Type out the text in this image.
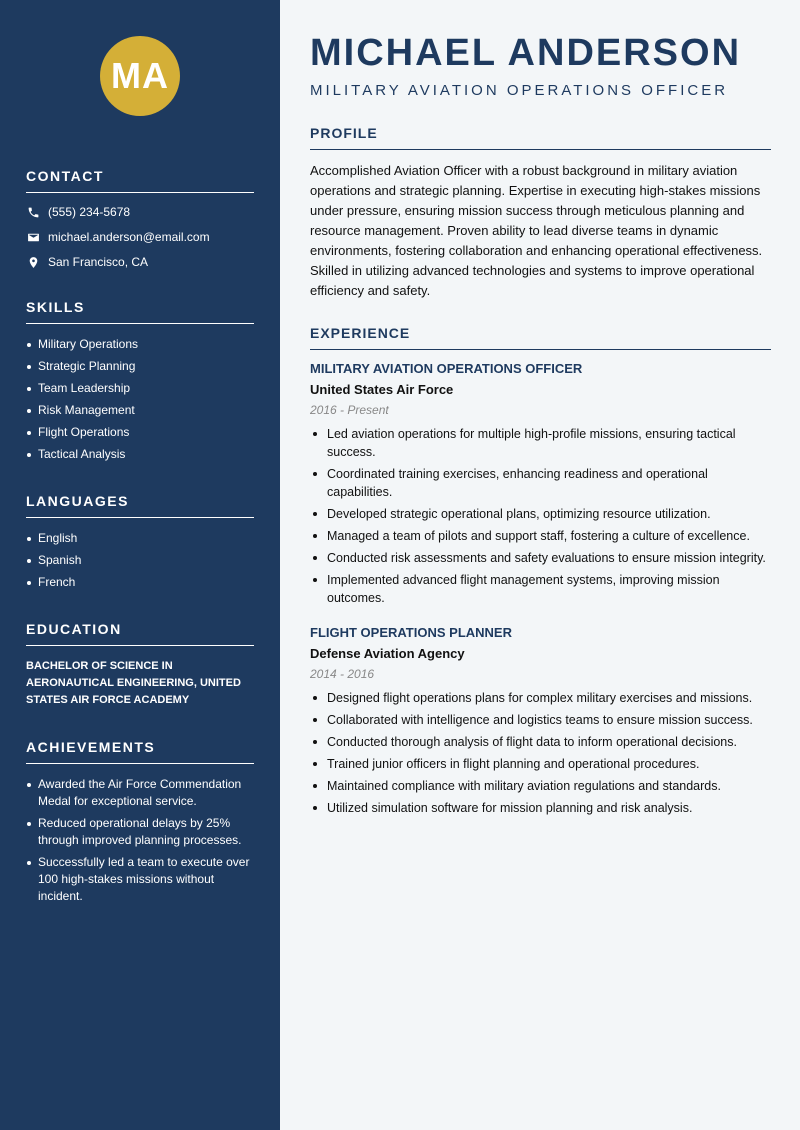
MA
CONTACT
(555) 234-5678
michael.anderson@email.com
San Francisco, CA
SKILLS
Military Operations
Strategic Planning
Team Leadership
Risk Management
Flight Operations
Tactical Analysis
LANGUAGES
English
Spanish
French
EDUCATION
BACHELOR OF SCIENCE IN AERONAUTICAL ENGINEERING, UNITED STATES AIR FORCE ACADEMY
ACHIEVEMENTS
Awarded the Air Force Commendation Medal for exceptional service.
Reduced operational delays by 25% through improved planning processes.
Successfully led a team to execute over 100 high-stakes missions without incident.
MICHAEL ANDERSON
MILITARY AVIATION OPERATIONS OFFICER
PROFILE

Accomplished Aviation Officer with a robust background in military aviation operations and strategic planning. Expertise in executing high-stakes missions under pressure, ensuring mission success through meticulous planning and resource management. Proven ability to lead diverse teams in dynamic environments, fostering collaboration and enhancing operational effectiveness. Skilled in utilizing advanced technologies and systems to improve operational efficiency and safety.

EXPERIENCE
MILITARY AVIATION OPERATIONS OFFICER
United States Air Force
2016 - Present
Led aviation operations for multiple high-profile missions, ensuring tactical success.
Coordinated training exercises, enhancing readiness and operational capabilities.
Developed strategic operational plans, optimizing resource utilization.
Managed a team of pilots and support staff, fostering a culture of excellence.
Conducted risk assessments and safety evaluations to ensure mission integrity.
Implemented advanced flight management systems, improving mission outcomes.
FLIGHT OPERATIONS PLANNER
Defense Aviation Agency
2014 - 2016
Designed flight operations plans for complex military exercises and missions.
Collaborated with intelligence and logistics teams to ensure mission success.
Conducted thorough analysis of flight data to inform operational decisions.
Trained junior officers in flight planning and operational procedures.
Maintained compliance with military aviation regulations and standards.
Utilized simulation software for mission planning and risk analysis.
